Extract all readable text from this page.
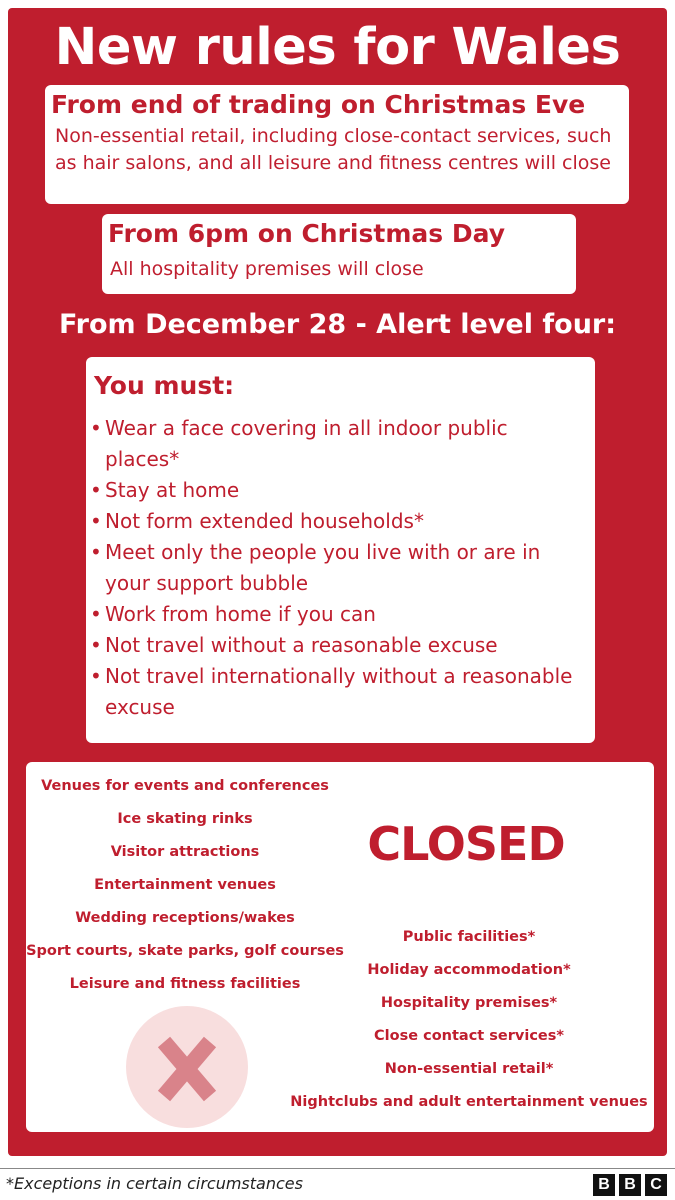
New rules for Wales
From end of trading on Christmas Eve
Non-essential retail, including close-contact services, such as hair salons, and all leisure and fitness centres will close
From 6pm on Christmas Day
All hospitality premises will close
From December 28 - Alert level four:
You must:
• Wear a face covering in all indoor public places*
• Stay at home
• Not form extended households*
• Meet only the people you live with or are in your support bubble
• Work from home if you can
• Not travel without a reasonable excuse
• Not travel internationally without a reasonable excuse
Venues for events and conferences
Ice skating rinks
Visitor attractions
Entertainment venues
Wedding receptions/wakes
Sport courts, skate parks, golf courses
Leisure and fitness facilities
CLOSED
Public facilities*
Holiday accommodation*
Hospitality premises*
Close contact services*
Non-essential retail*
Nightclubs and adult entertainment venues
*Exceptions in certain circumstances	B B C
